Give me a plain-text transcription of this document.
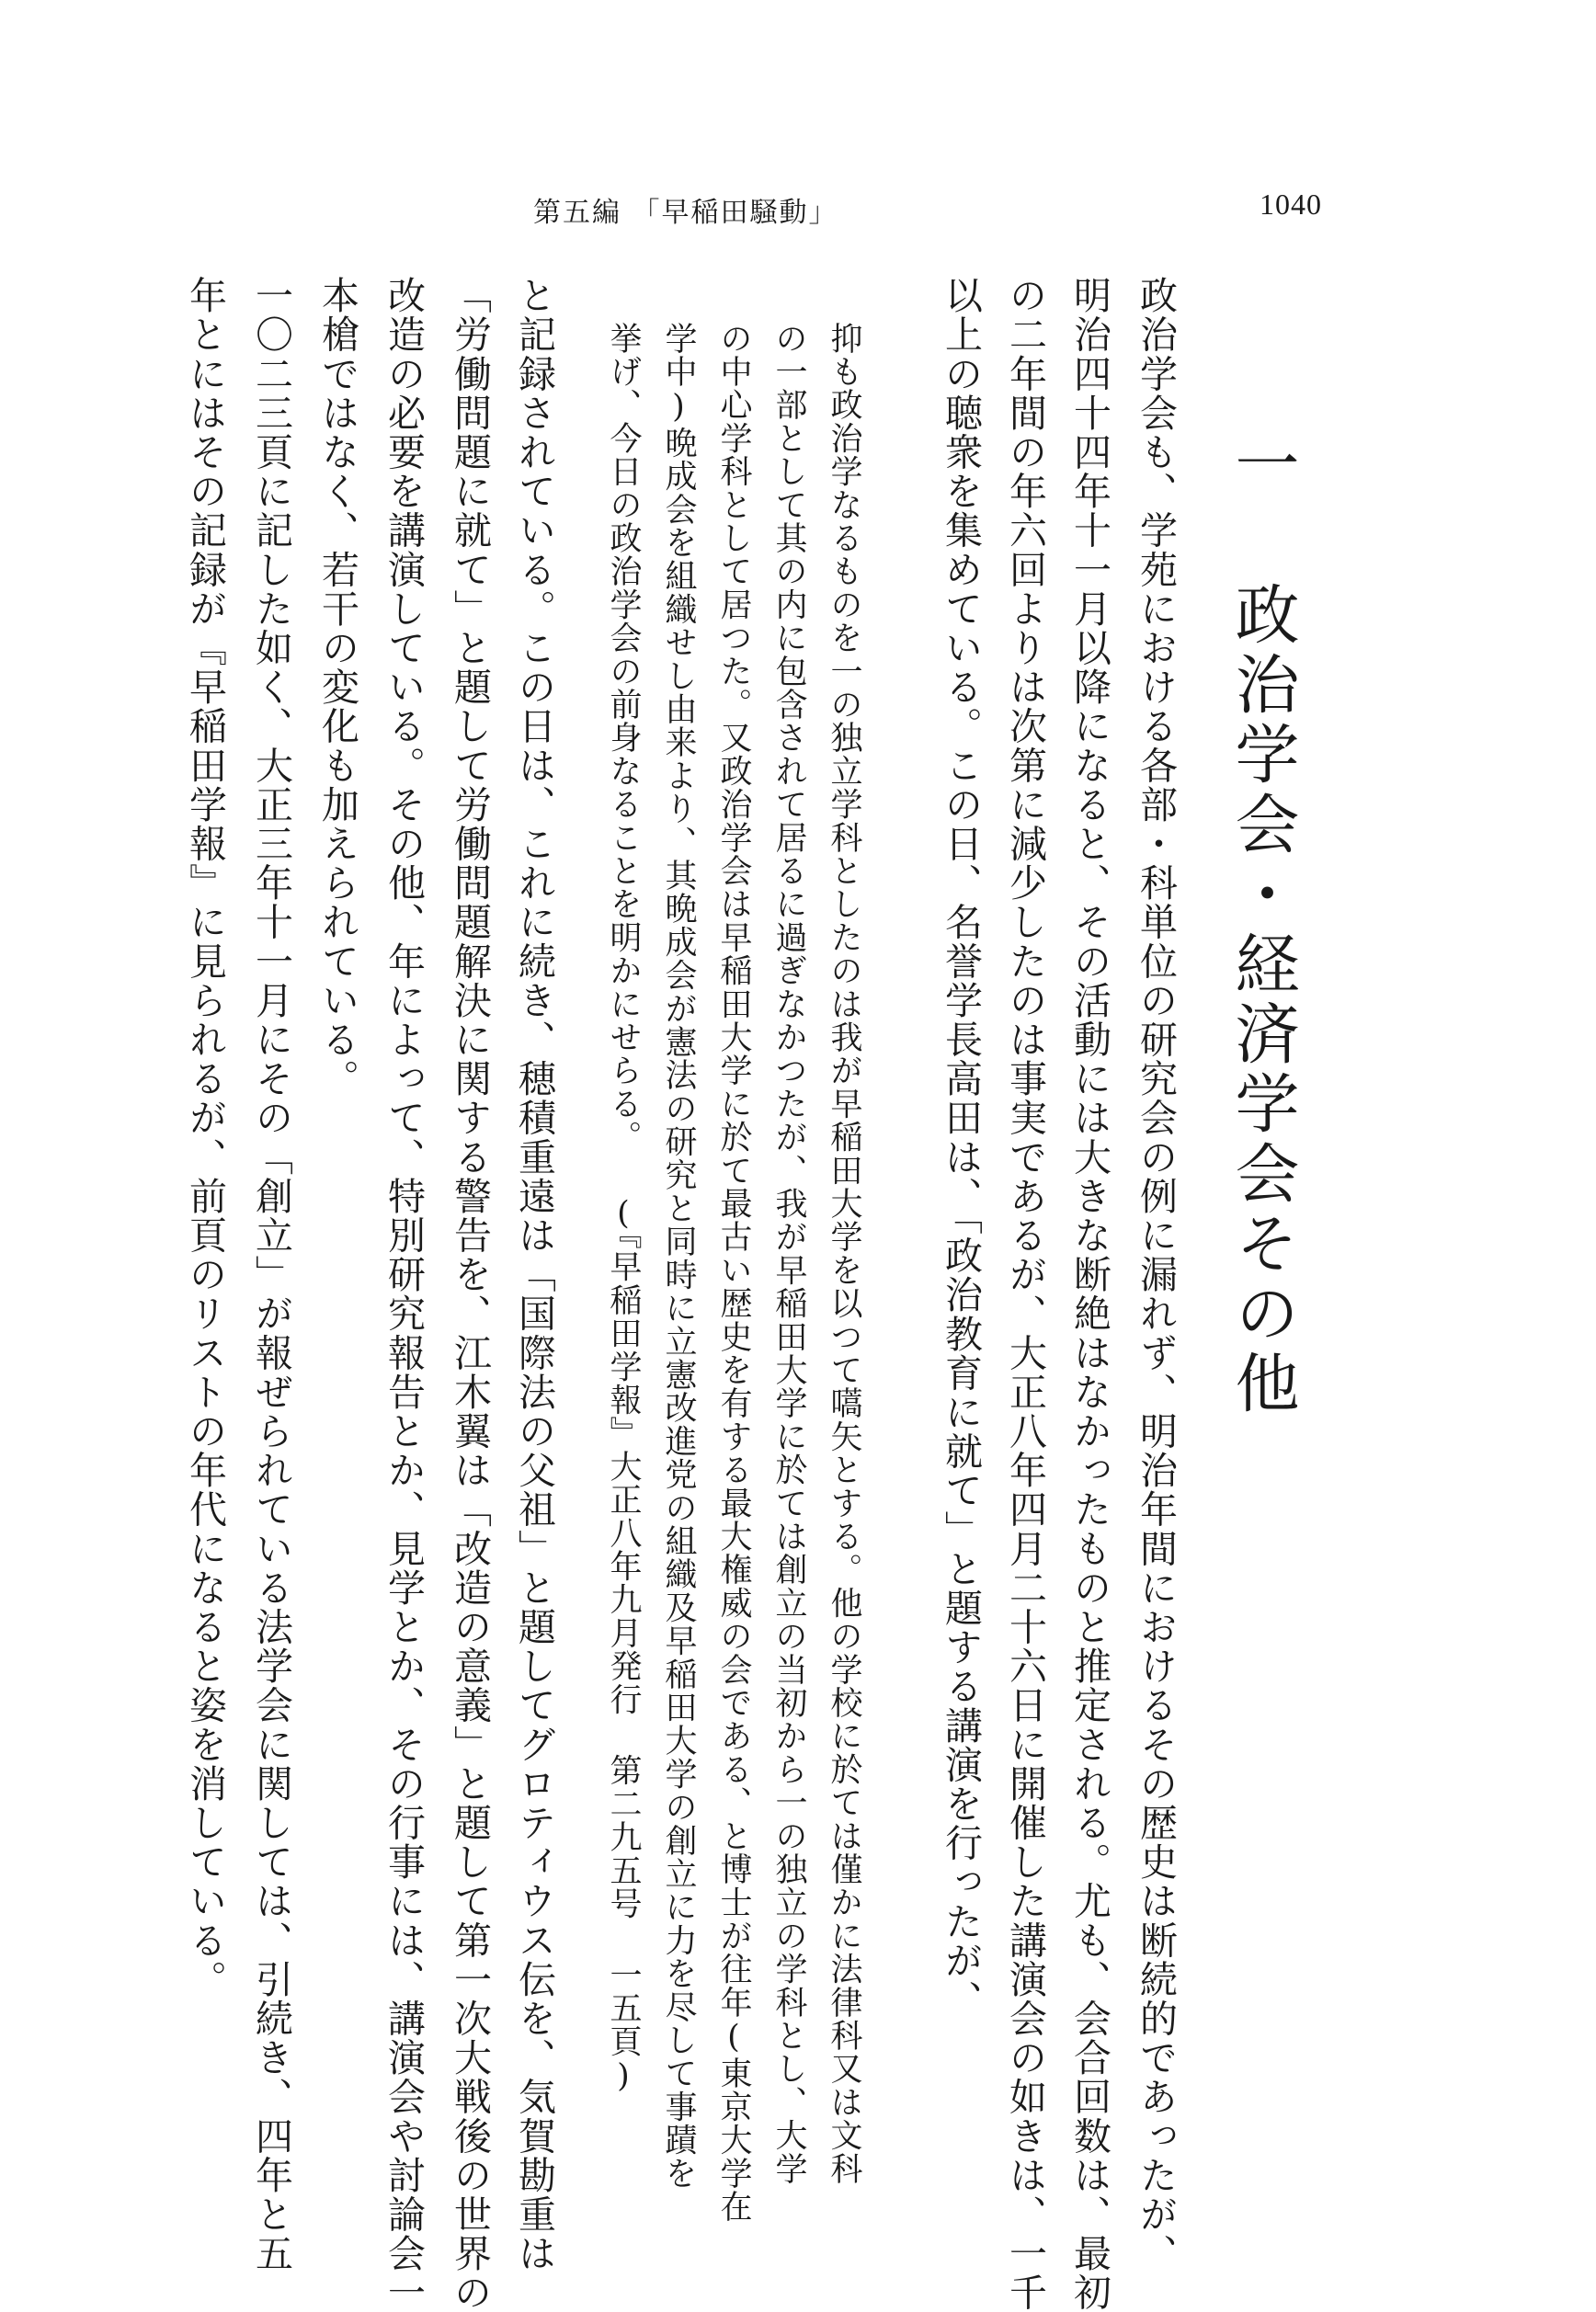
第五編 「早稲田騒動」	1040
一 政治学会・経済学会その他
政治学会も、学苑における各部・科単位の研究会の例に漏れず、明治年間におけるその歴史は断続的であったが、
明治四十四年十一月以降になると、その活動には大きな断絶はなかったものと推定される。尤も、会合回数は、最初
の二年間の年六回よりは次第に減少したのは事実であるが、大正八年四月二十六日に開催した講演会の如きは、一千
以上の聴衆を集めている。この日、名誉学長高田は、「政治教育に就て」と題する講演を行ったが、
抑も政治学なるものを一の独立学科としたのは我が早稲田大学を以つて嚆矢とする。他の学校に於ては僅かに法律科又は文科
の一部として其の内に包含されて居るに過ぎなかつたが、我が早稲田大学に於ては創立の当初から一の独立の学科とし、大学
の中心学科として居つた。又政治学会は早稲田大学に於て最古い歴史を有する最大権威の会である、と博士が往年(東京大学在
学中)晩成会を組織せし由来より、其晩成会が憲法の研究と同時に立憲改進党の組織及早稲田大学の創立に力を尽して事蹟を
挙げ、今日の政治学会の前身なることを明かにせらる。
(『早稲田学報』大正八年九月発行 第二九五号 一五頁)
と記録されている。この日は、これに続き、穂積重遠は「国際法の父祖」と題してグロティウス伝を、気賀勘重は
「労働問題に就て」と題して労働問題解決に関する警告を、江木翼は「改造の意義」と題して第一次大戦後の世界の
改造の必要を講演している。その他、年によって、特別研究報告とか、見学とか、その行事には、講演会や討論会一
本槍ではなく、若干の変化も加えられている。
一〇二三頁に記した如く、大正三年十一月にその「創立」が報ぜられている法学会に関しては、引続き、四年と五
年とにはその記録が『早稲田学報』に見られるが、前頁のリストの年代になると姿を消している。
